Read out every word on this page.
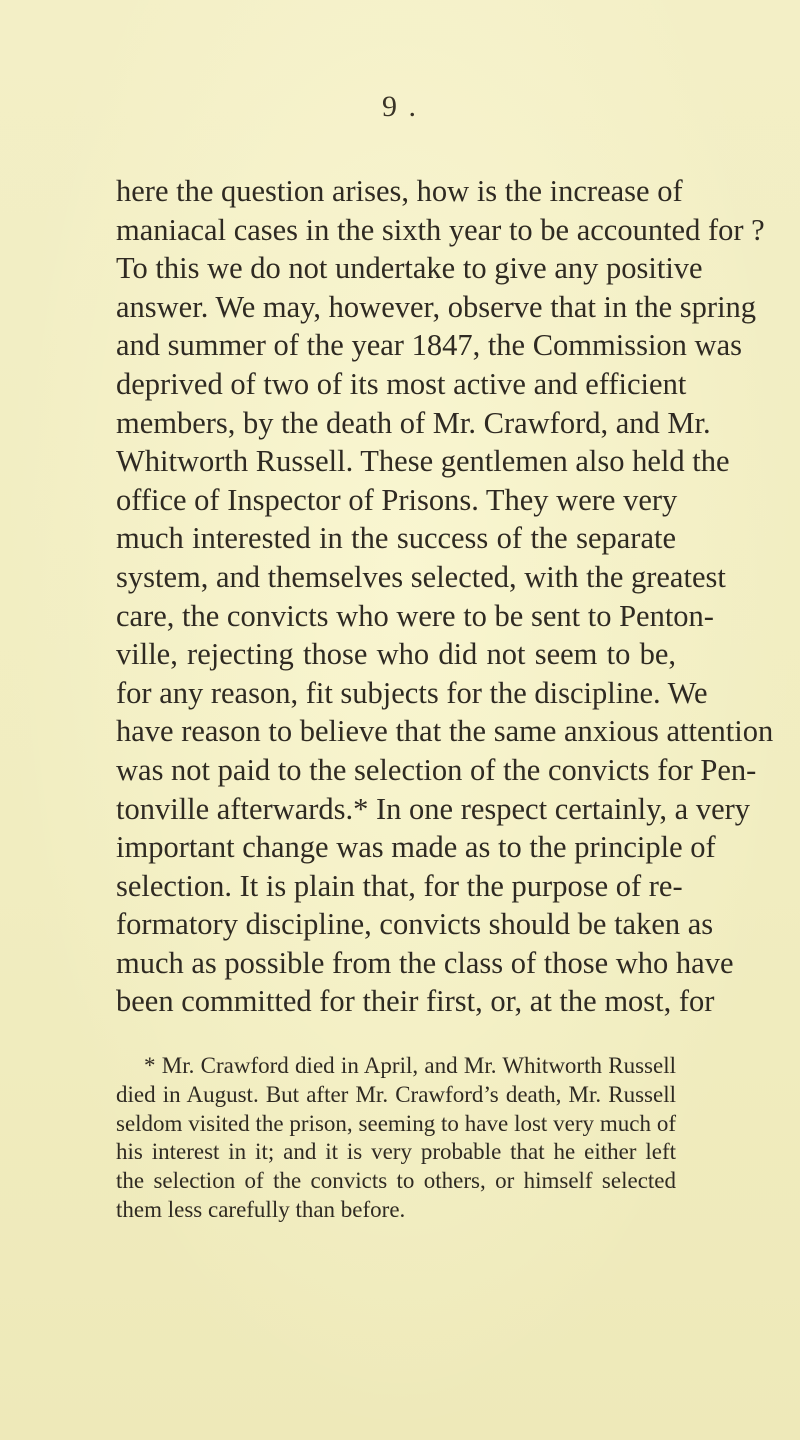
9 .
here the question arises, how is the increase of
maniacal cases in the sixth year to be accounted for ?
To this we do not undertake to give any positive
answer. We may, however, observe that in the spring
and summer of the year 1847, the Commission was
deprived of two of its most active and efficient
members, by the death of Mr. Crawford, and Mr.
Whitworth Russell. These gentlemen also held the
office of Inspector of Prisons. They were very
much interested in the success of the separate
system, and themselves selected, with the greatest
care, the convicts who were to be sent to Penton-
ville, rejecting those who did not seem to be,
for any reason, fit subjects for the discipline. We
have reason to believe that the same anxious attention
was not paid to the selection of the convicts for Pen-
tonville afterwards.* In one respect certainly, a very
important change was made as to the principle of
selection. It is plain that, for the purpose of re-
formatory discipline, convicts should be taken as
much as possible from the class of those who have
been committed for their first, or, at the most, for
* Mr. Crawford died in April, and Mr. Whitworth Russell
died in August. But after Mr. Crawford’s death, Mr. Russell
seldom visited the prison, seeming to have lost very much of
his interest in it; and it is very probable that he either left
the selection of the convicts to others, or himself selected
them less carefully than before.
